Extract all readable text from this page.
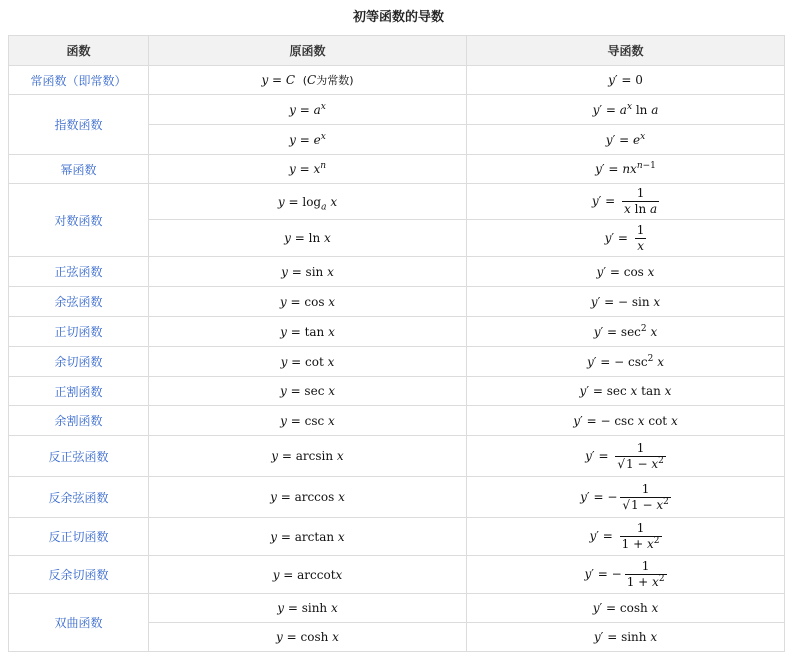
初等函数的导数
函数	原函数	导函数
常函数（即常数）	y = C (C为常数)	y′ = 0
指数函数	$y = a^x$	$y' = a^x$ ln a
	$y = e^x$	$y' = e^x$
幂函数	$y = x^n$	$y' = nx^{n-1}$
对数函数	$y = \log_a x$	$y' = \frac{1}{\text{x ln a}}$

	y = ln x	$y' = \frac{1}{x}$

正弦函数	y = sin x	y′ = cos x
余弦函数	y = cos x	y′ = − sin x
正切函数	y = tan x	$y' = \sec^2 x$
余切函数	y = cot x	y′ = − $\csc^2 x$
正割函数	y = sec x	y′ = sec x tan x
余割函数	y = csc x	y′ = − csc x cot x
反正弦函数	y = arcsin x	$y' = \frac{1}{√1 - x^2}$

反余弦函数	y = arccos x	y′ = − $\frac{1}{√1 - x^2}$

反正切函数	y = arctan x	$y' = \frac{1}{1 + x^2}$

反余切函数	y = arccotx	y′ = − $\frac{1}{1 + x^2}$

双曲函数	y = sinh x	y′ = cosh x
	y = cosh x	y′ = sinh x
